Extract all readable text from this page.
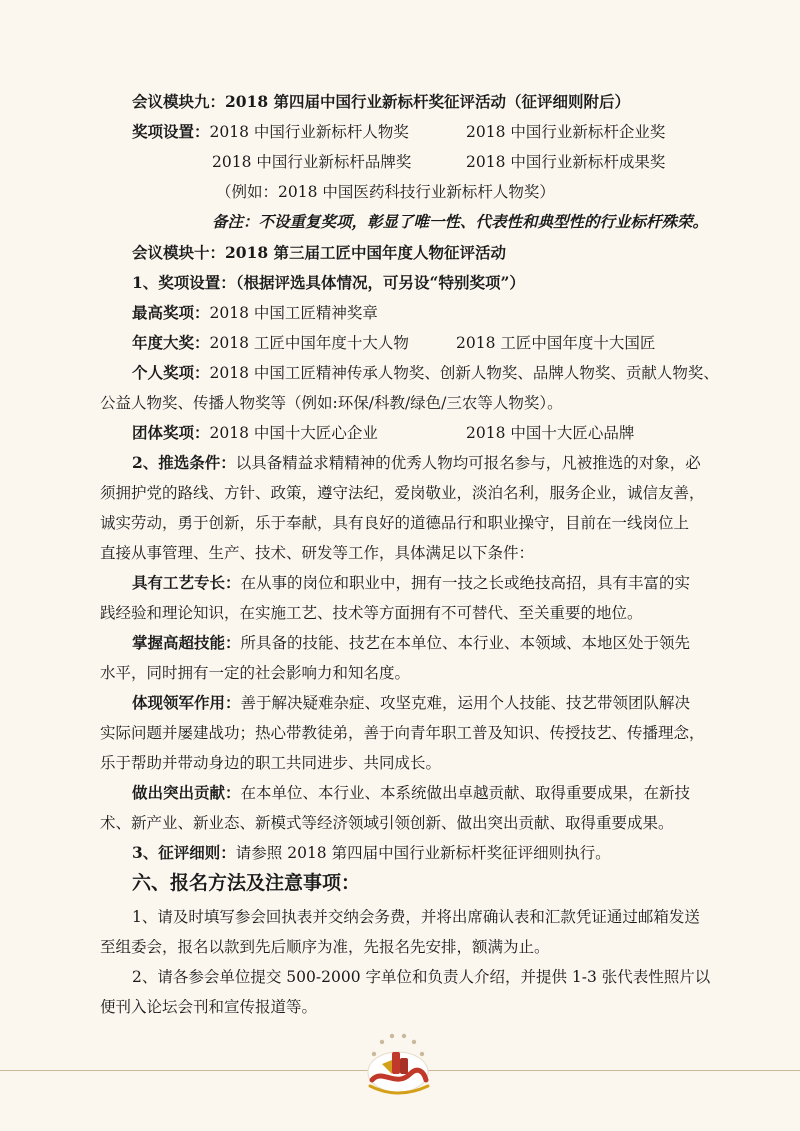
会议模块九：2018 第四届中国行业新标杆奖征评活动（征评细则附后）
奖项设置：2018 中国行业新标杆人物奖	2018 中国行业新标杆企业奖
2018 中国行业新标杆品牌奖	2018 中国行业新标杆成果奖
（例如：2018 中国医药科技行业新标杆人物奖）
备注：不设重复奖项，彰显了唯一性、代表性和典型性的行业标杆殊荣。
会议模块十：2018 第三届工匠中国年度人物征评活动
1、奖项设置：（根据评选具体情况，可另设“特别奖项”）
最高奖项：2018 中国工匠精神奖章
年度大奖：2018 工匠中国年度十大人物	2018 工匠中国年度十大国匠
个人奖项：2018 中国工匠精神传承人物奖、创新人物奖、品牌人物奖、贡献人物奖、
公益人物奖、传播人物奖等（例如:环保/科教/绿色/三农等人物奖）。
团体奖项：2018 中国十大匠心企业	2018 中国十大匠心品牌
2、推选条件：以具备精益求精精神的优秀人物均可报名参与，凡被推选的对象，必
须拥护党的路线、方针、政策，遵守法纪，爱岗敬业，淡泊名利，服务企业，诚信友善，
诚实劳动，勇于创新，乐于奉献，具有良好的道德品行和职业操守，目前在一线岗位上
直接从事管理、生产、技术、研发等工作，具体满足以下条件：
具有工艺专长：在从事的岗位和职业中，拥有一技之长或绝技高招，具有丰富的实
践经验和理论知识，在实施工艺、技术等方面拥有不可替代、至关重要的地位。
掌握高超技能：所具备的技能、技艺在本单位、本行业、本领域、本地区处于领先
水平，同时拥有一定的社会影响力和知名度。
体现领军作用：善于解决疑难杂症、攻坚克难，运用个人技能、技艺带领团队解决
实际问题并屡建战功；热心带教徒弟，善于向青年职工普及知识、传授技艺、传播理念，
乐于帮助并带动身边的职工共同进步、共同成长。
做出突出贡献：在本单位、本行业、本系统做出卓越贡献、取得重要成果，在新技
术、新产业、新业态、新模式等经济领域引领创新、做出突出贡献、取得重要成果。
3、征评细则：请参照 2018 第四届中国行业新标杆奖征评细则执行。
六、报名方法及注意事项：
1、请及时填写参会回执表并交纳会务费，并将出席确认表和汇款凭证通过邮箱发送
至组委会，报名以款到先后顺序为准，先报名先安排，额满为止。
2、请各参会单位提交 500-2000 字单位和负责人介绍，并提供 1-3 张代表性照片以
便刊入论坛会刊和宣传报道等。
